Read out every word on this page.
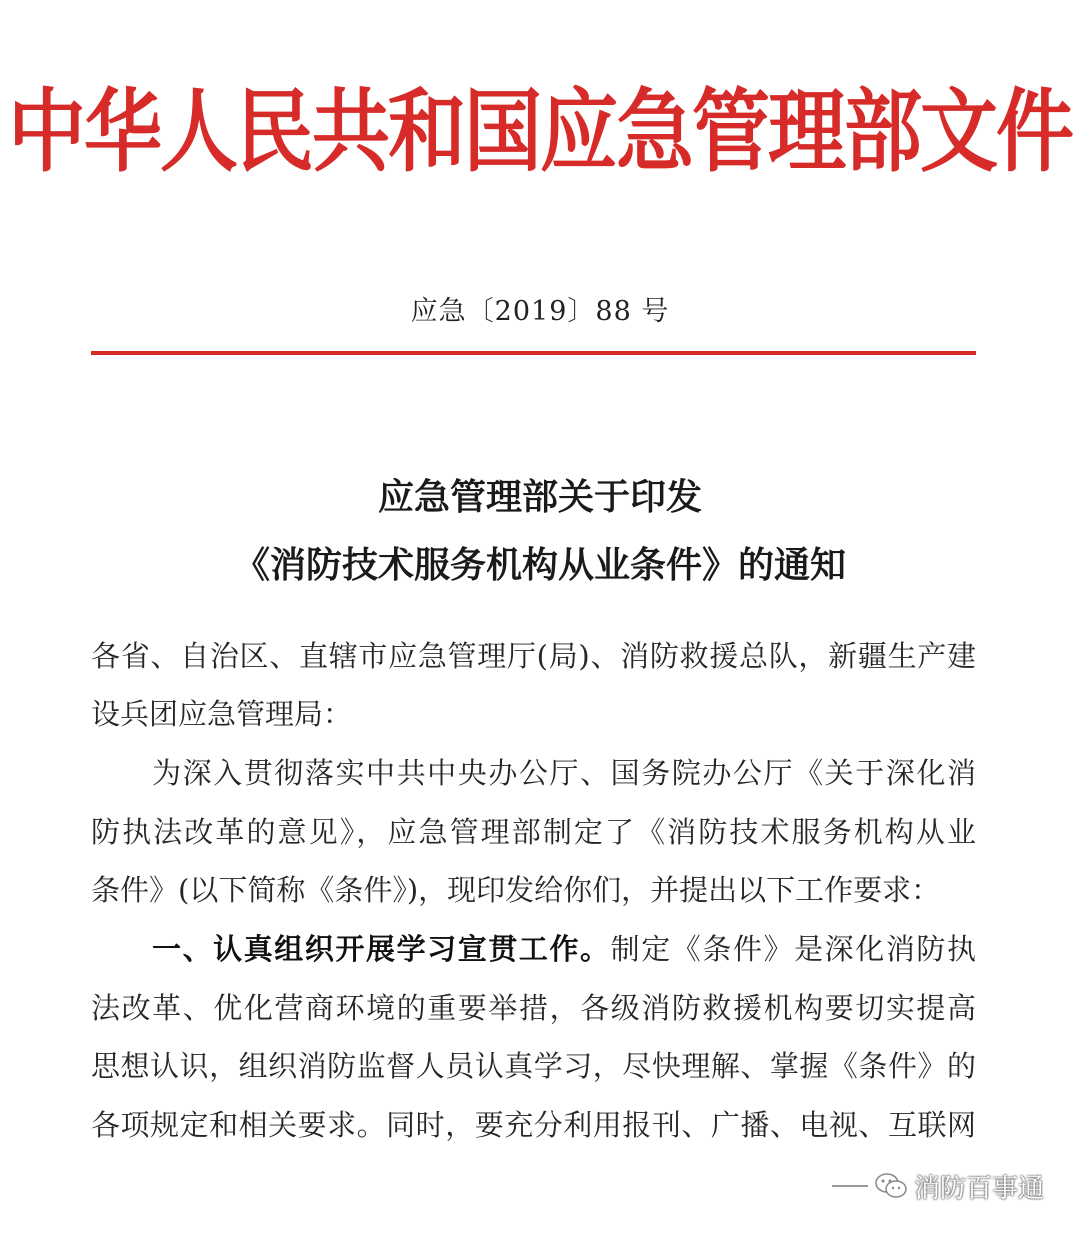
中华人民共和国应急管理部文件
应急〔2019〕88 号
应急管理部关于印发
《消防技术服务机构从业条件》的通知
各省、自治区、直辖市应急管理厅(局)、消防救援总队，新疆生产建
设兵团应急管理局：
为深入贯彻落实中共中央办公厅、国务院办公厅《关于深化消
防执法改革的意见》，应急管理部制定了《消防技术服务机构从业
条件》(以下简称《条件》)，现印发给你们，并提出以下工作要求：
一、认真组织开展学习宣贯工作。制定《条件》是深化消防执
法改革、优化营商环境的重要举措，各级消防救援机构要切实提高
思想认识，组织消防监督人员认真学习，尽快理解、掌握《条件》的
各项规定和相关要求。同时，要充分利用报刊、广播、电视、互联网
消防百事通
